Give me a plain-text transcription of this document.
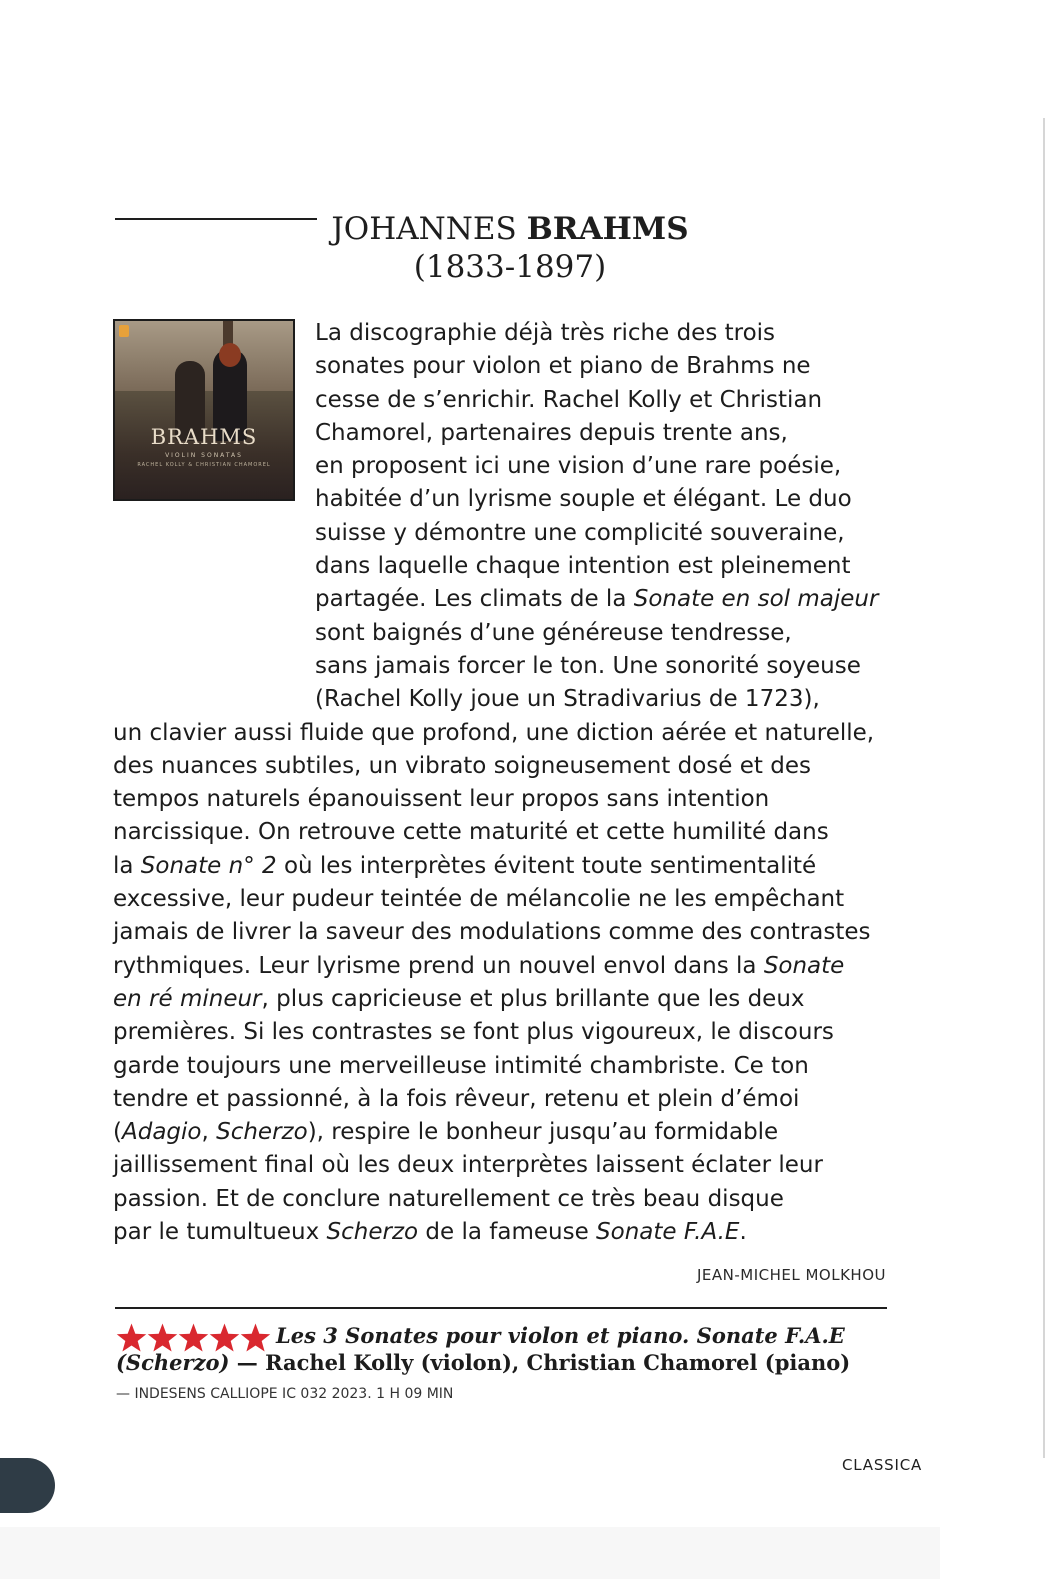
JOHANNES BRAHMS
(1833-1897)
BRAHMS
VIOLIN SONATAS
RACHEL KOLLY & CHRISTIAN CHAMOREL
La discographie déjà très riche des trois
sonates pour violon et piano de Brahms ne
cesse de s’enrichir. Rachel Kolly et Christian
Chamorel, partenaires depuis trente ans,
en proposent ici une vision d’une rare poésie,
habitée d’un lyrisme souple et élégant. Le duo
suisse y démontre une complicité souveraine,
dans laquelle chaque intention est pleinement
partagée. Les climats de la Sonate en sol majeur
sont baignés d’une généreuse tendresse,
sans jamais forcer le ton. Une sonorité soyeuse
(Rachel Kolly joue un Stradivarius de 1723),
un clavier aussi fluide que profond, une diction aérée et naturelle,
des nuances subtiles, un vibrato soigneusement dosé et des
tempos naturels épanouissent leur propos sans intention
narcissique. On retrouve cette maturité et cette humilité dans
la Sonate n° 2 où les interprètes évitent toute sentimentalité
excessive, leur pudeur teintée de mélancolie ne les empêchant
jamais de livrer la saveur des modulations comme des contrastes
rythmiques. Leur lyrisme prend un nouvel envol dans la Sonate
en ré mineur, plus capricieuse et plus brillante que les deux
premières. Si les contrastes se font plus vigoureux, le discours
garde toujours une merveilleuse intimité chambriste. Ce ton
tendre et passionné, à la fois rêveur, retenu et plein d’émoi
(Adagio, Scherzo), respire le bonheur jusqu’au formidable
jaillissement final où les deux interprètes laissent éclater leur
passion. Et de conclure naturellement ce très beau disque
par le tumultueux Scherzo de la fameuse Sonate F.A.E.
JEAN-MICHEL MOLKHOU
Les 3 Sonates pour violon et piano. Sonate F.A.E
(Scherzo) — Rachel Kolly (violon), Christian Chamorel (piano)
— INDESENS CALLIOPE IC 032 2023. 1 H 09 MIN
CLASSICA
